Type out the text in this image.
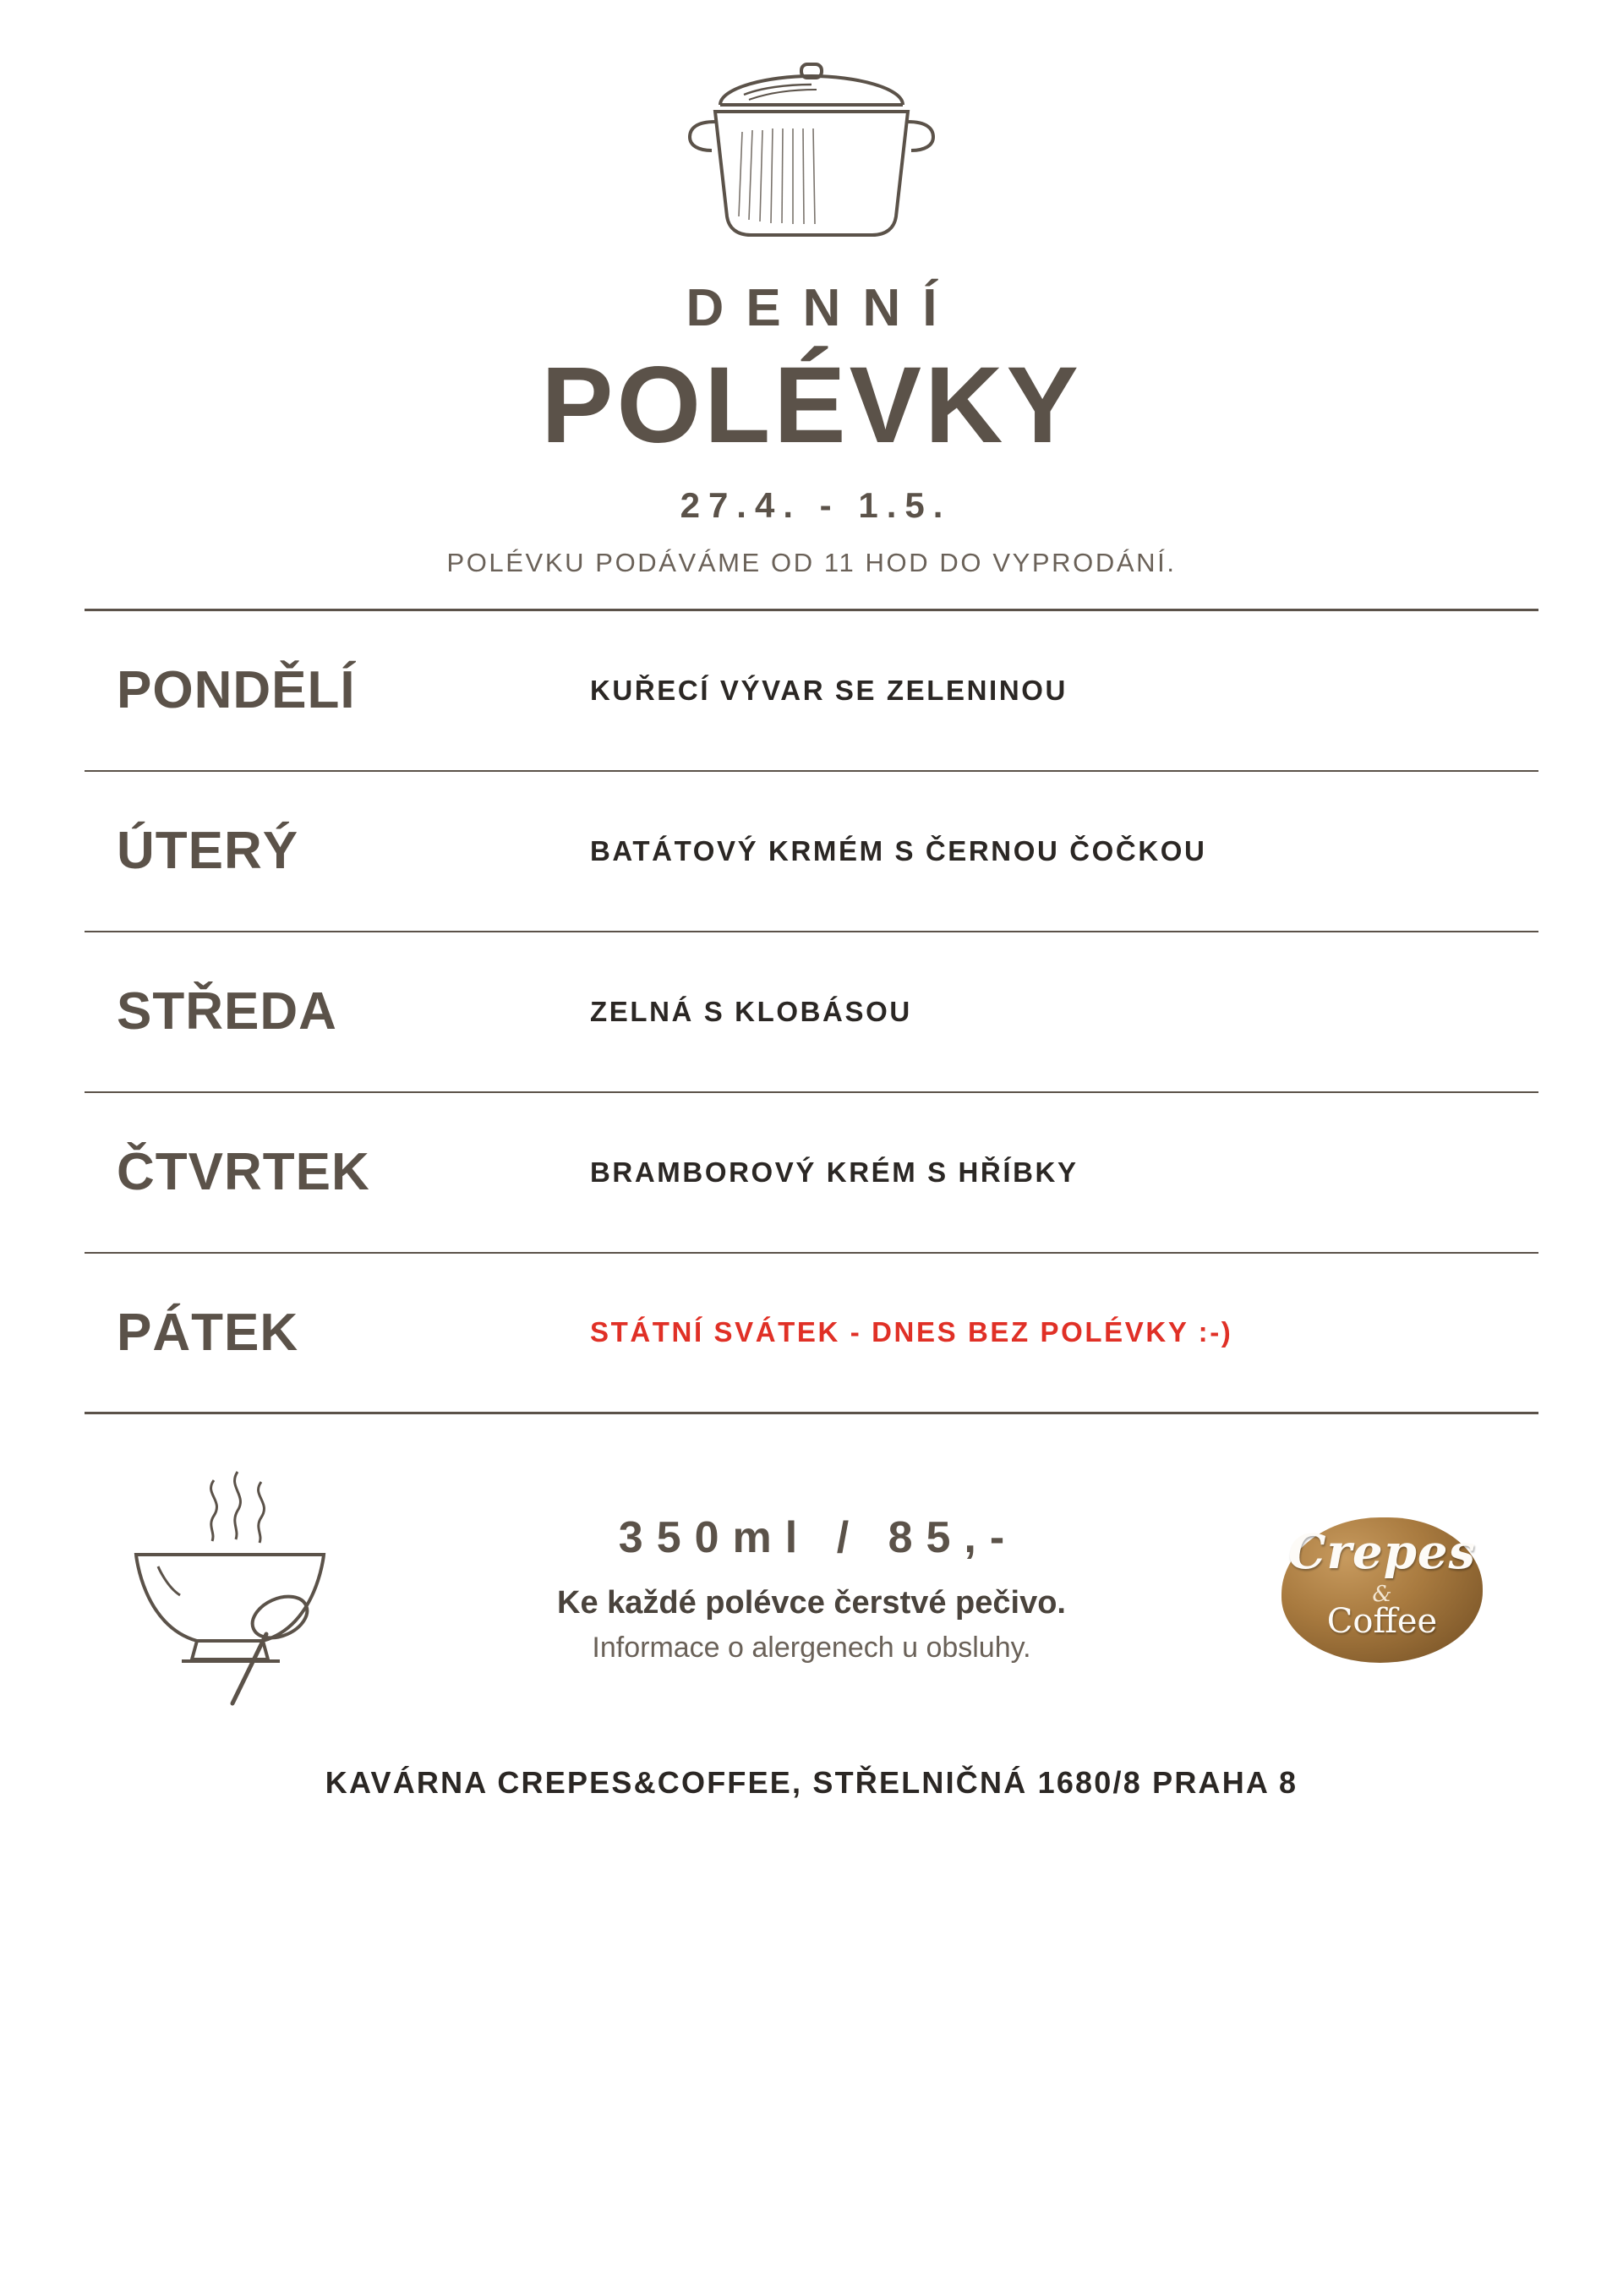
DENNÍ
POLÉVKY
27.4. - 1.5.
POLÉVKU PODÁVÁME OD 11 HOD DO VYPRODÁNÍ.
PONDĚLÍ	KUŘECÍ VÝVAR SE ZELENINOU
ÚTERÝ	BATÁTOVÝ KRMÉM S ČERNOU ČOČKOU
STŘEDA	ZELNÁ S KLOBÁSOU
ČTVRTEK	BRAMBOROVÝ KRÉM S HŘÍBKY
PÁTEK	STÁTNÍ SVÁTEK - DNES BEZ POLÉVKY :-)
350ml / 85,-
Ke každé polévce čerstvé pečivo.
Informace o alergenech u obsluhy.
Crepes
&
Coffee
KAVÁRNA CREPES&COFFEE, STŘELNIČNÁ 1680/8 PRAHA 8
